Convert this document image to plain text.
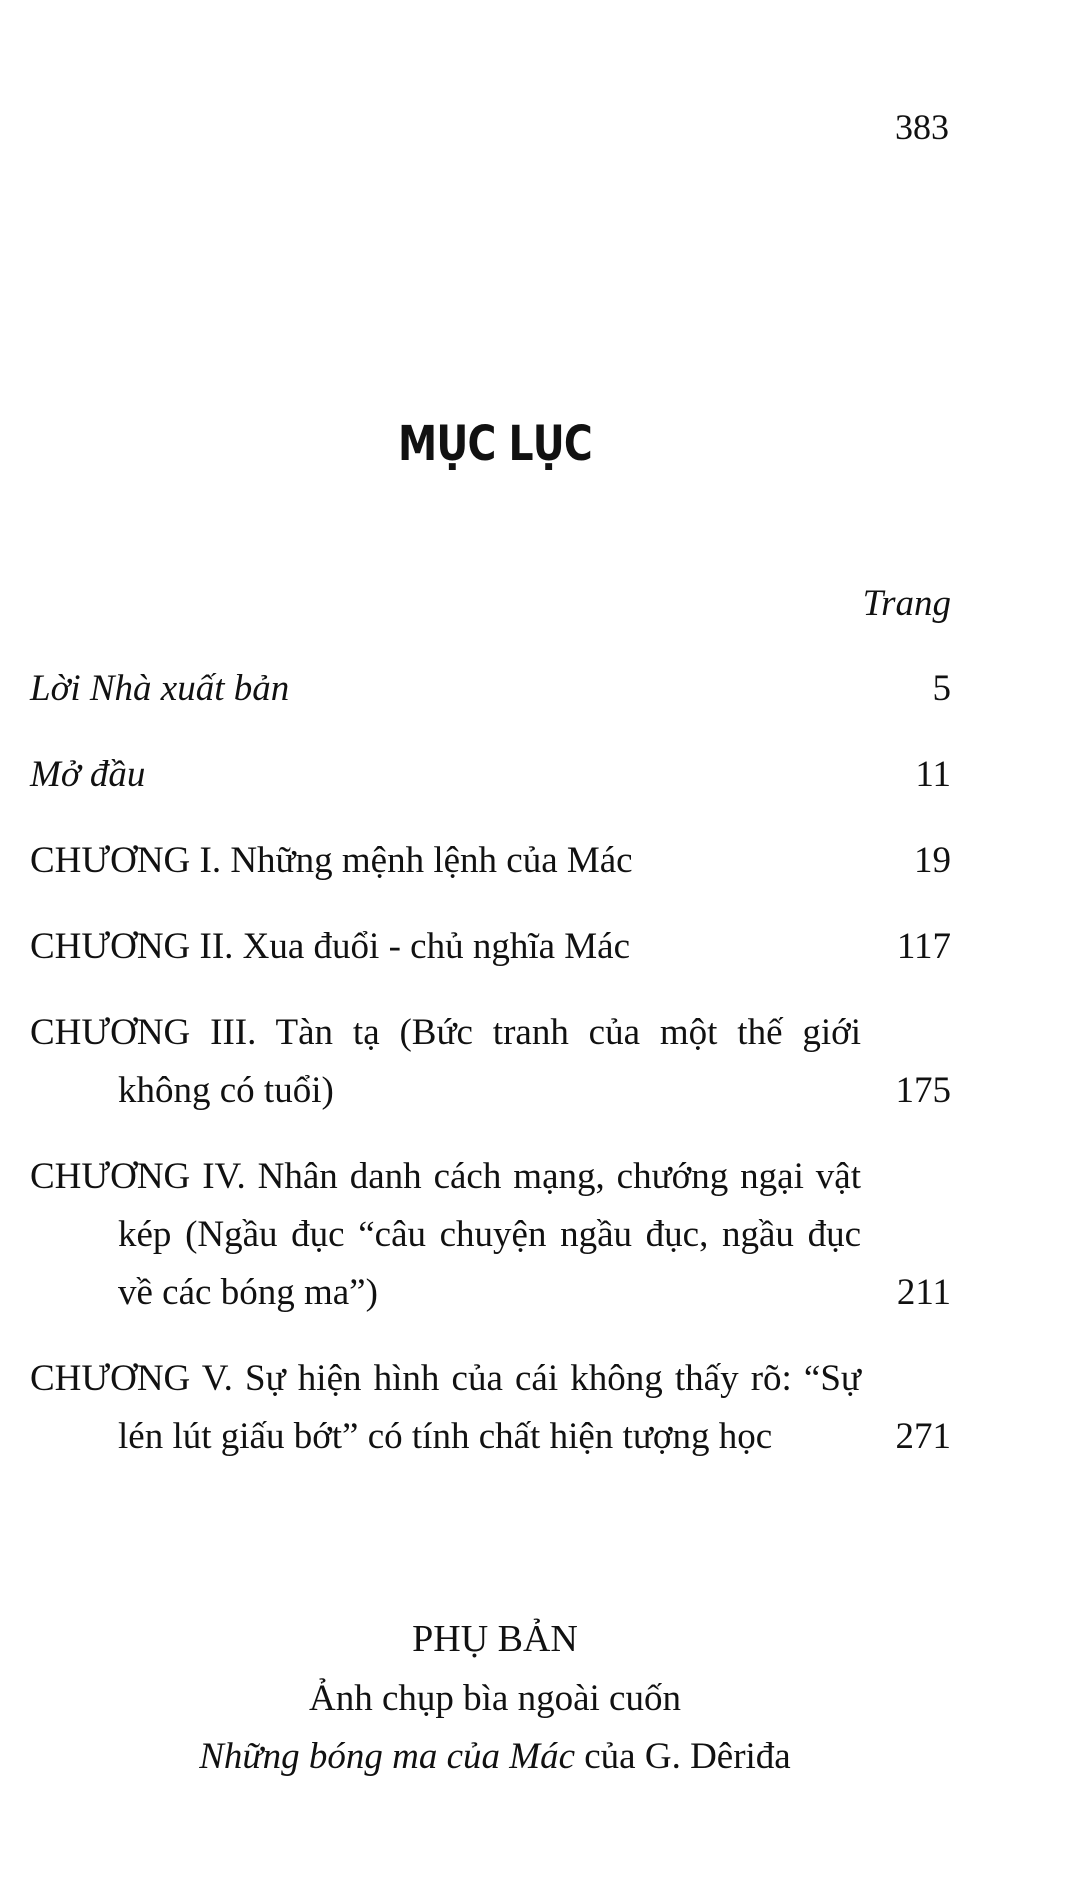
383
MỤC LỤC
Trang
Lời Nhà xuất bản	5
Mở đầu	11
CHƯƠNG I. Những mệnh lệnh của Mác	19
CHƯƠNG II. Xua đuổi - chủ nghĩa Mác	117
CHƯƠNG III. Tàn tạ (Bức tranh của một thế giới không có tuổi)	175
CHƯƠNG IV. Nhân danh cách mạng, chướng ngại vật kép (Ngầu đục “câu chuyện ngầu đục, ngầu đục về các bóng ma”)	211
CHƯƠNG V. Sự hiện hình của cái không thấy rõ: “Sự lén lút giấu bớt” có tính chất hiện tượng học	271
PHỤ BẢN
Ảnh chụp bìa ngoài cuốn
Những bóng ma của Mác của G. Dêriđa
